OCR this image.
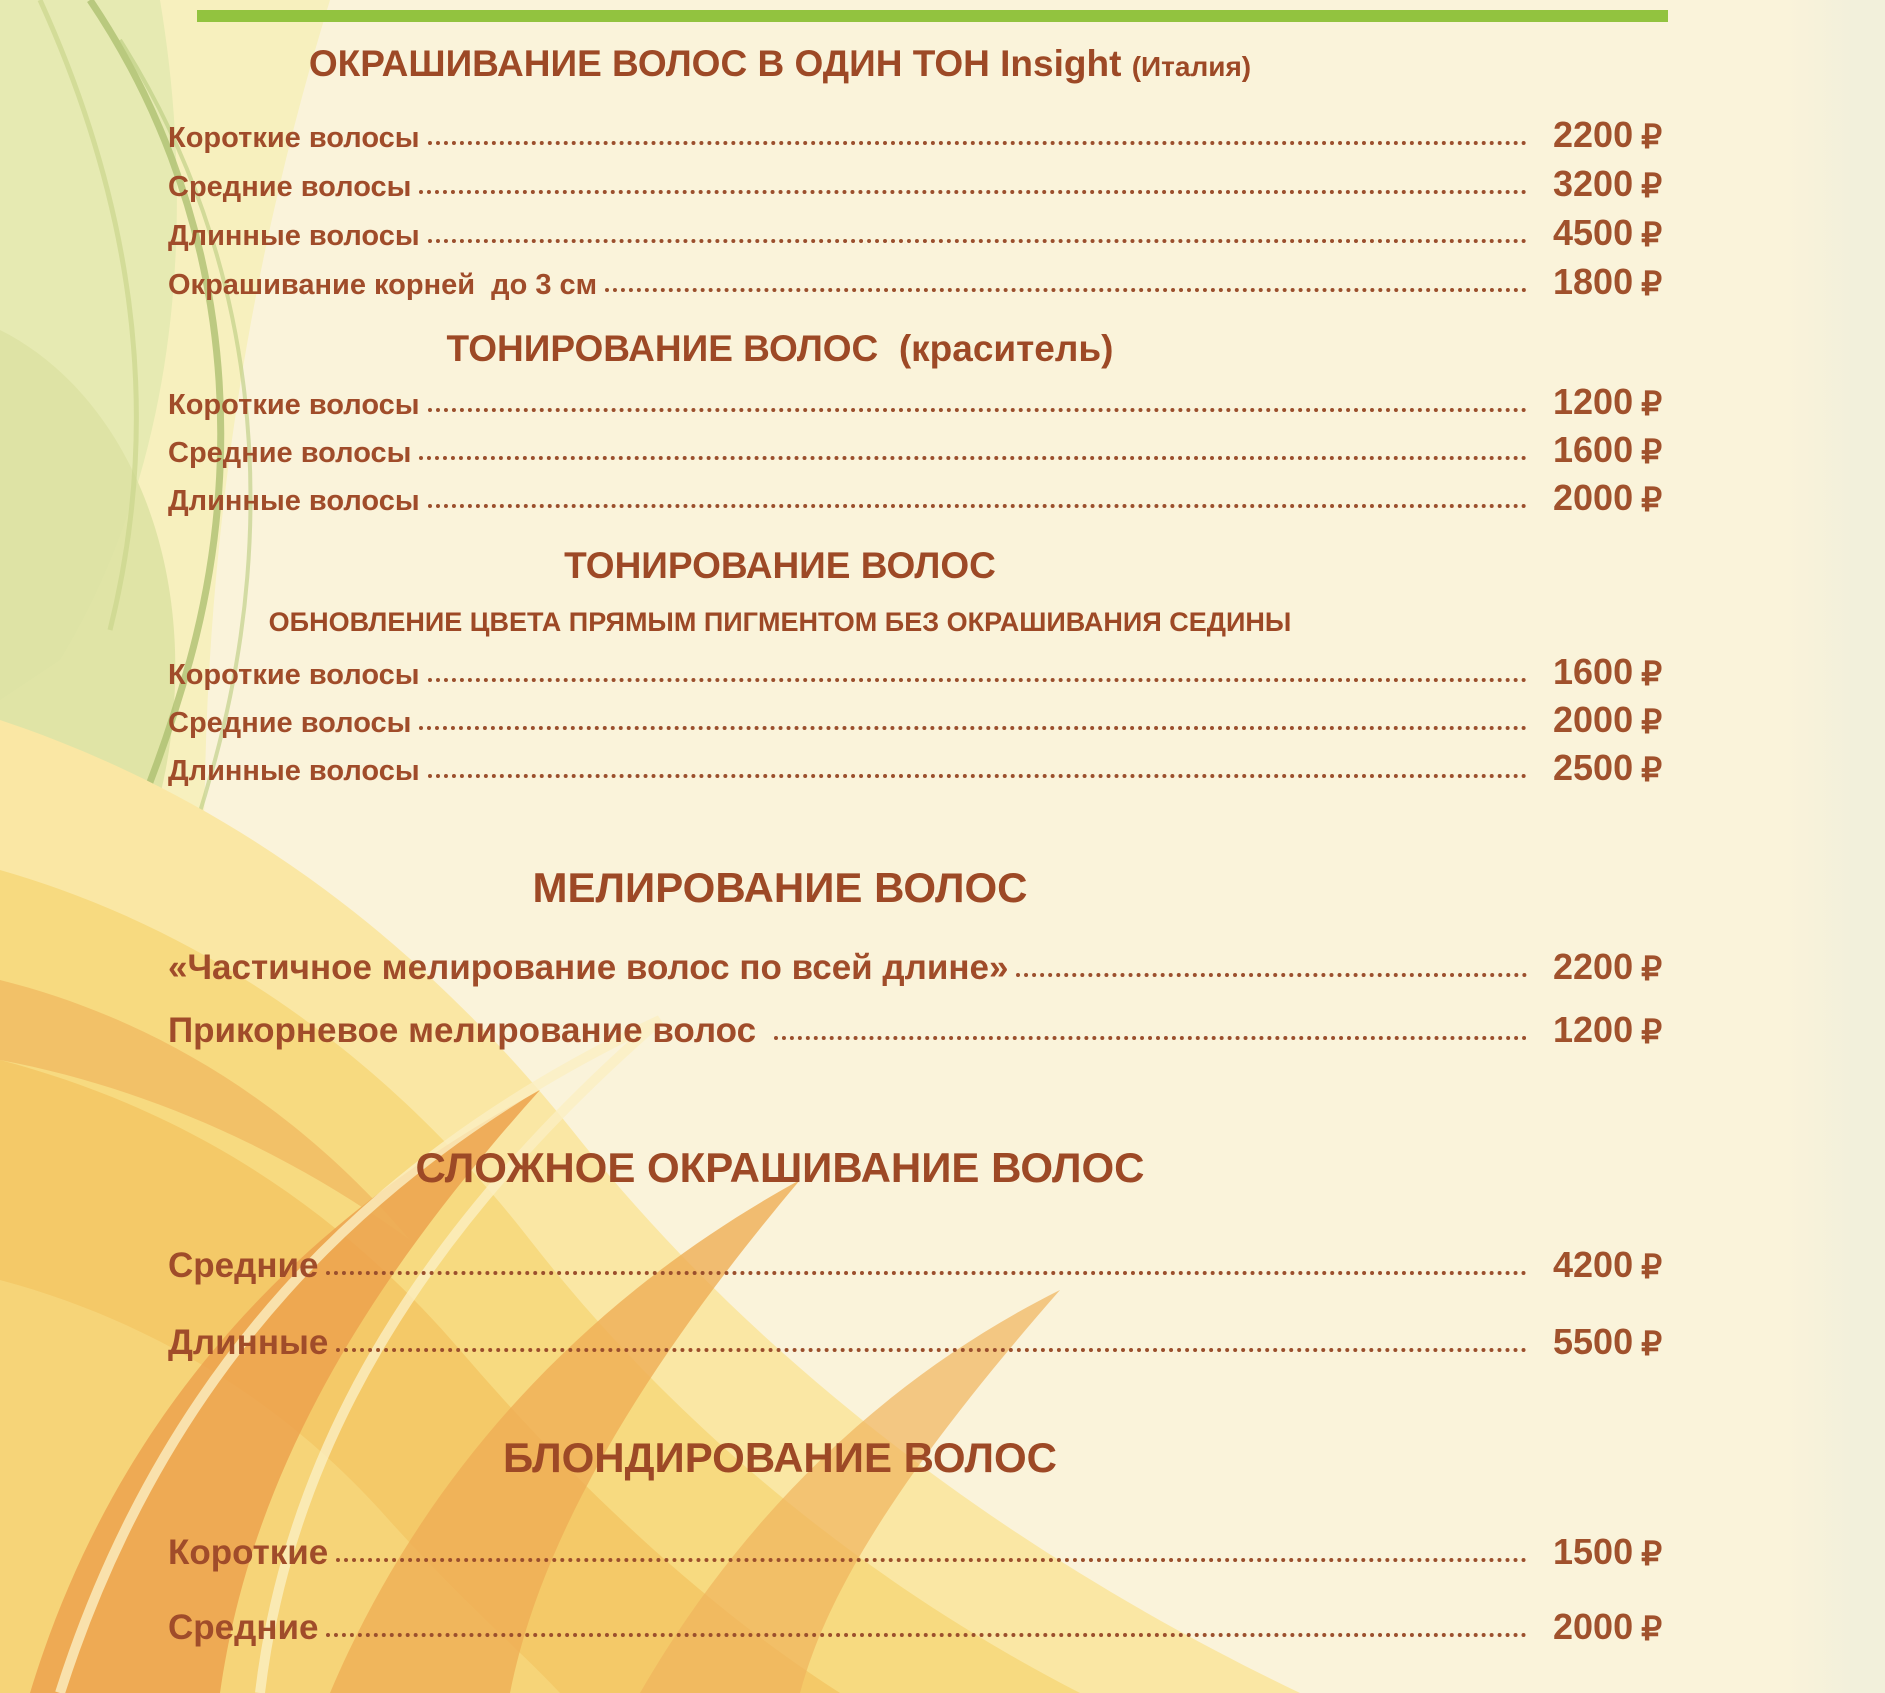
ОКРАШИВАНИЕ ВОЛОС В ОДИН ТОН Insight (Италия)
Короткие волосы	2200 ₽
Средние волосы	3200 ₽
Длинные волосы	4500 ₽
Окрашивание корней  до 3 см	1800 ₽
ТОНИРОВАНИЕ ВОЛОС  (краситель)
Короткие волосы	1200 ₽
Средние волосы	1600 ₽
Длинные волосы	2000 ₽
ТОНИРОВАНИЕ ВОЛОС

ОБНОВЛЕНИЕ ЦВЕТА ПРЯМЫМ ПИГМЕНТОМ БЕЗ ОКРАШИВАНИЯ СЕДИНЫ

Короткие волосы	1600 ₽
Средние волосы	2000 ₽
Длинные волосы	2500 ₽
МЕЛИРОВАНИЕ ВОЛОС
«Частичное мелирование волос по всей длине»	2200 ₽
Прикорневое мелирование волос	1200 ₽
СЛОЖНОЕ ОКРАШИВАНИЕ ВОЛОС
Средние	4200 ₽
Длинные	5500 ₽
БЛОНДИРОВАНИЕ ВОЛОС
Короткие	1500 ₽
Средние	2000 ₽
